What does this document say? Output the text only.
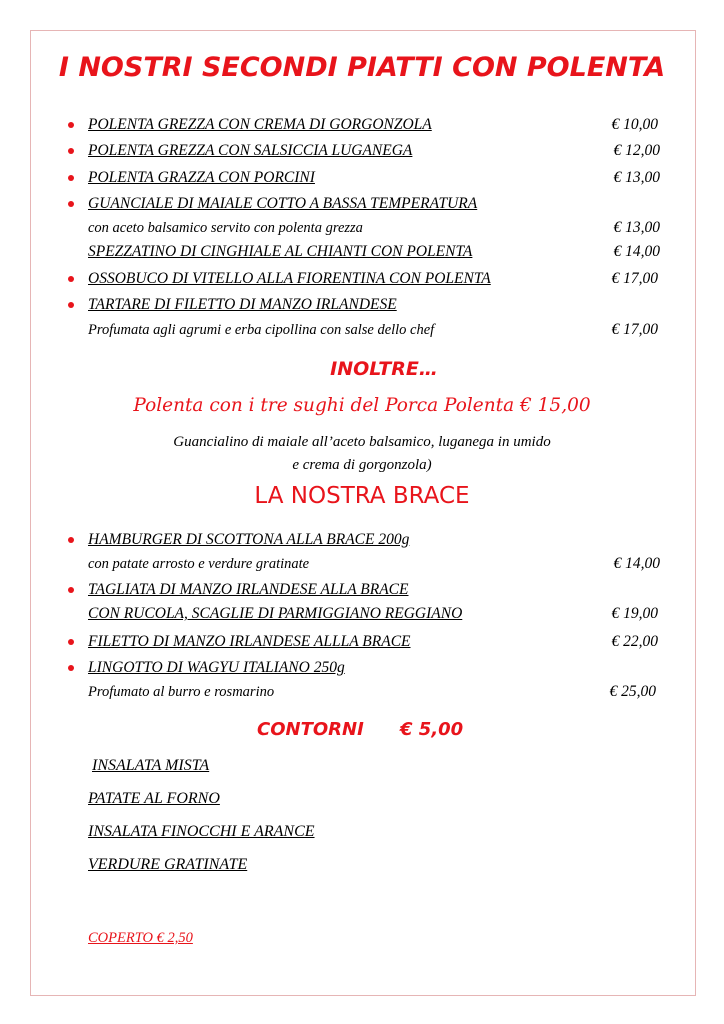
I NOSTRI SECONDI PIATTI CON POLENTA
POLENTA GREZZA CON CREMA DI GORGONZOLA	€ 10,00
POLENTA GREZZA CON SALSICCIA LUGANEGA	€ 12,00
POLENTA GRAZZA CON PORCINI	€ 13,00
GUANCIALE DI MAIALE COTTO A BASSA TEMPERATURA
con aceto balsamico servito con polenta grezza	€ 13,00
SPEZZATINO DI CINGHIALE AL CHIANTI CON POLENTA	€ 14,00
OSSOBUCO DI VITELLO ALLA FIORENTINA CON POLENTA	€ 17,00
TARTARE DI FILETTO DI MANZO IRLANDESE
Profumata agli agrumi e erba cipollina con salse dello chef	€ 17,00
INOLTRE…
Polenta con i tre sughi del Porca Polenta € 15,00
Guancialino di maiale all’aceto balsamico, luganega in umido
e crema di gorgonzola)
LA NOSTRA BRACE
HAMBURGER DI SCOTTONA ALLA BRACE 200g
con patate arrosto e verdure gratinate	€ 14,00
TAGLIATA DI MANZO IRLANDESE ALLA BRACE
CON RUCOLA, SCAGLIE DI PARMIGGIANO REGGIANO	€ 19,00
FILETTO DI MANZO IRLANDESE ALLLA BRACE	€ 22,00
LINGOTTO DI WAGYU ITALIANO 250g
Profumato al burro e rosmarino	€ 25,00
CONTORNI € 5,00
INSALATA MISTA
PATATE AL FORNO
INSALATA FINOCCHI E ARANCE
VERDURE GRATINATE
COPERTO € 2,50
